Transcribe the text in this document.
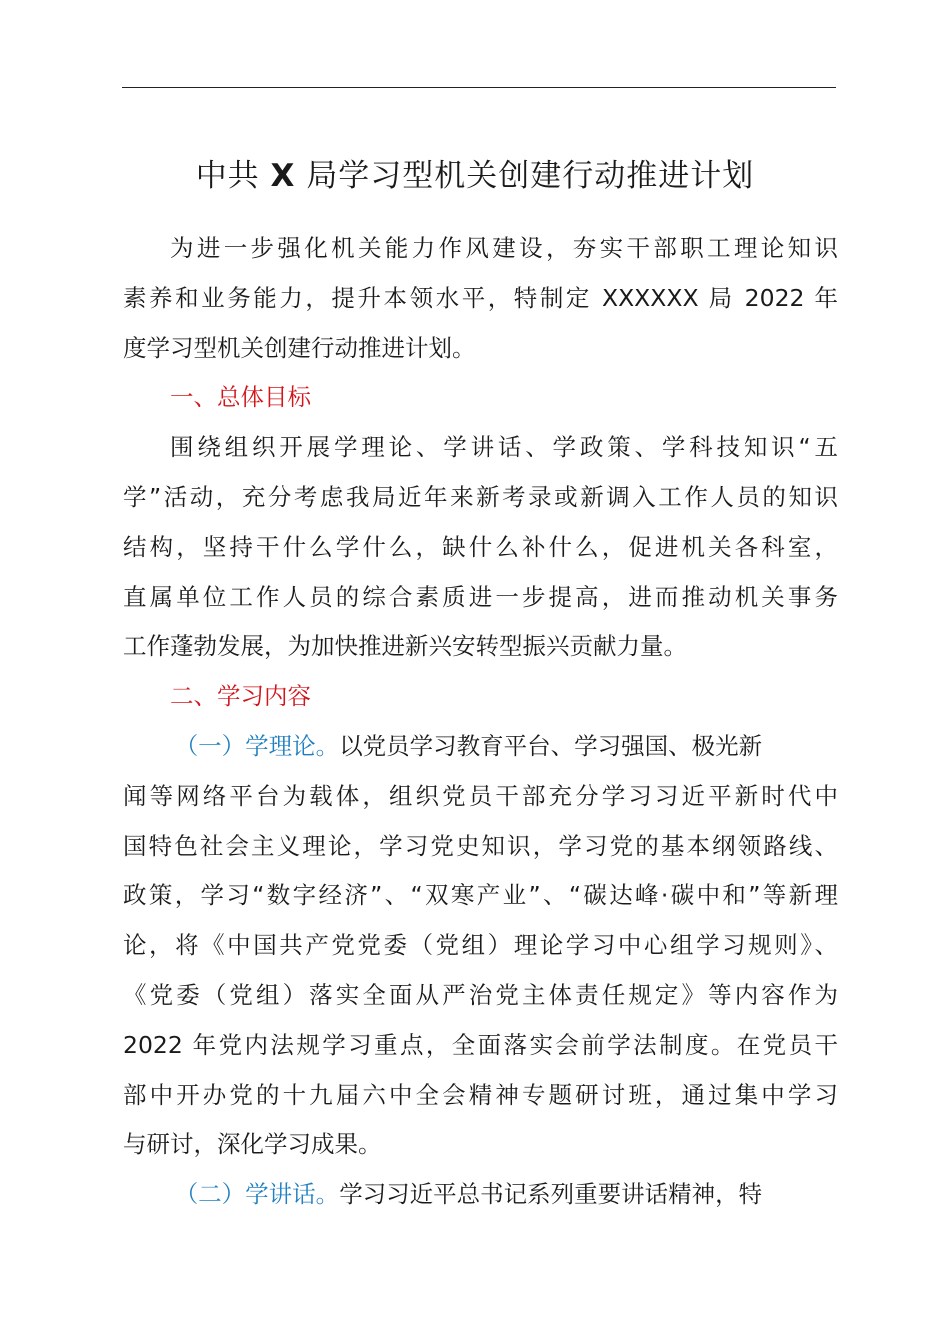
中共 X 局学习型机关创建行动推进计划
为进一步强化机关能力作风建设，夯实干部职工理论知识
素养和业务能力，提升本领水平，特制定 XXXXXX 局 2022 年
度学习型机关创建行动推进计划。
一、总体目标
围绕组织开展学理论、学讲话、学政策、学科技知识“五
学”活动，充分考虑我局近年来新考录或新调入工作人员的知识
结构，坚持干什么学什么，缺什么补什么，促进机关各科室，
直属单位工作人员的综合素质进一步提高，进而推动机关事务
工作蓬勃发展，为加快推进新兴安转型振兴贡献力量。
二、学习内容
（一）学理论。以党员学习教育平台、学习强国、极光新
闻等网络平台为载体，组织党员干部充分学习习近平新时代中
国特色社会主义理论，学习党史知识，学习党的基本纲领路线、
政策，学习“数字经济”、“双寒产业”、“碳达峰·碳中和”等新理
论，将《中国共产党党委（党组）理论学习中心组学习规则》、
《党委（党组）落实全面从严治党主体责任规定》等内容作为
2022 年党内法规学习重点，全面落实会前学法制度。在党员干
部中开办党的十九届六中全会精神专题研讨班，通过集中学习
与研讨，深化学习成果。
（二）学讲话。学习习近平总书记系列重要讲话精神，特
